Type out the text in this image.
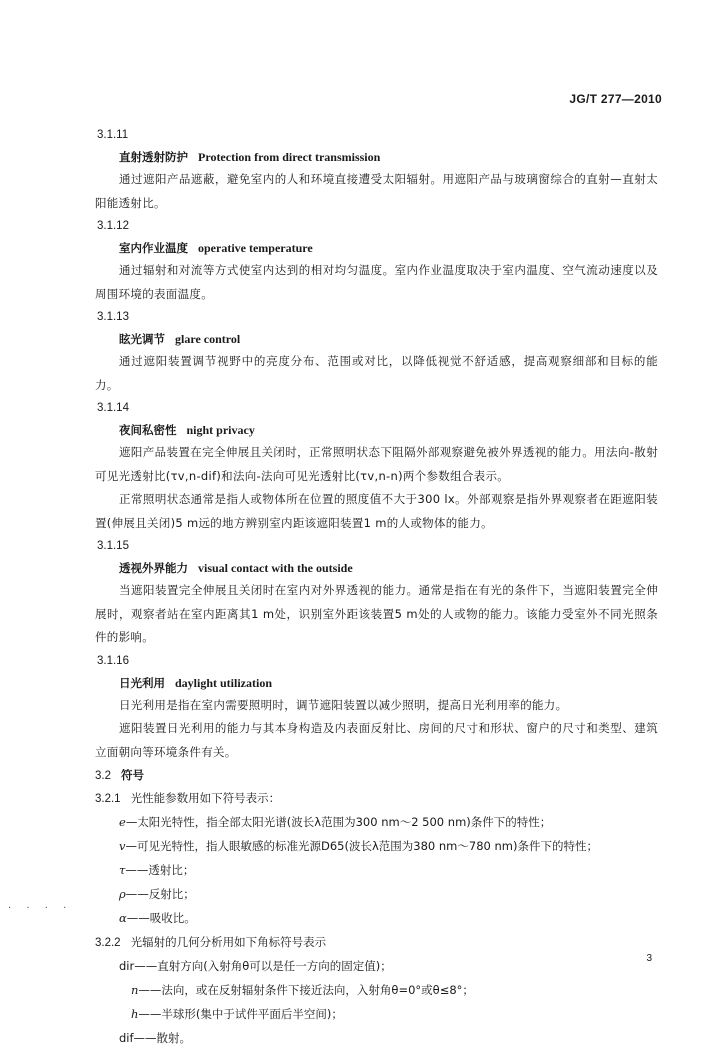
JG/T 277—2010
3.1.11
直射透射防护 Protection from direct transmission

通过遮阳产品遮蔽，避免室内的人和环境直接遭受太阳辐射。用遮阳产品与玻璃窗综合的直射—直射太阳能透射比。

3.1.12
室内作业温度 operative temperature

通过辐射和对流等方式使室内达到的相对均匀温度。室内作业温度取决于室内温度、空气流动速度以及周围环境的表面温度。

3.1.13
眩光调节 glare control

通过遮阳装置调节视野中的亮度分布、范围或对比，以降低视觉不舒适感，提高观察细部和目标的能力。

3.1.14
夜间私密性 night privacy

遮阳产品装置在完全伸展且关闭时，正常照明状态下阻隔外部观察避免被外界透视的能力。用法向-散射可见光透射比(τv,n-dif)和法向-法向可见光透射比(τv,n-n)两个参数组合表示。

正常照明状态通常是指人或物体所在位置的照度值不大于300 lx。外部观察是指外界观察者在距遮阳装置(伸展且关闭)5 m远的地方辨别室内距该遮阳装置1 m的人或物体的能力。

3.1.15
透视外界能力 visual contact with the outside

当遮阳装置完全伸展且关闭时在室内对外界透视的能力。通常是指在有光的条件下，当遮阳装置完全伸展时，观察者站在室内距离其1 m处，识别室外距该装置5 m处的人或物的能力。该能力受室外不同光照条件的影响。

3.1.16
日光利用 daylight utilization

日光利用是指在室内需要照明时，调节遮阳装置以减少照明，提高日光利用率的能力。

遮阳装置日光利用的能力与其本身构造及内表面反射比、房间的尺寸和形状、窗户的尺寸和类型、建筑立面朝向等环境条件有关。

3.2 符号
3.2.1 光性能参数用如下符号表示：
e—太阳光特性，指全部太阳光谱(波长λ范围为300 nm～2 500 nm)条件下的特性；
v—可见光特性，指人眼敏感的标准光源D65(波长λ范围为380 nm～780 nm)条件下的特性；
τ——透射比；
ρ——反射比；
α——吸收比。
3.2.2 光辐射的几何分析用如下角标符号表示
dir——直射方向(入射角θ可以是任一方向的固定值)；
n——法向，或在反射辐射条件下接近法向，入射角θ=0°或θ≤8°；
h——半球形(集中于试件平面后半空间)；
dif——散射。
. . . .
3
